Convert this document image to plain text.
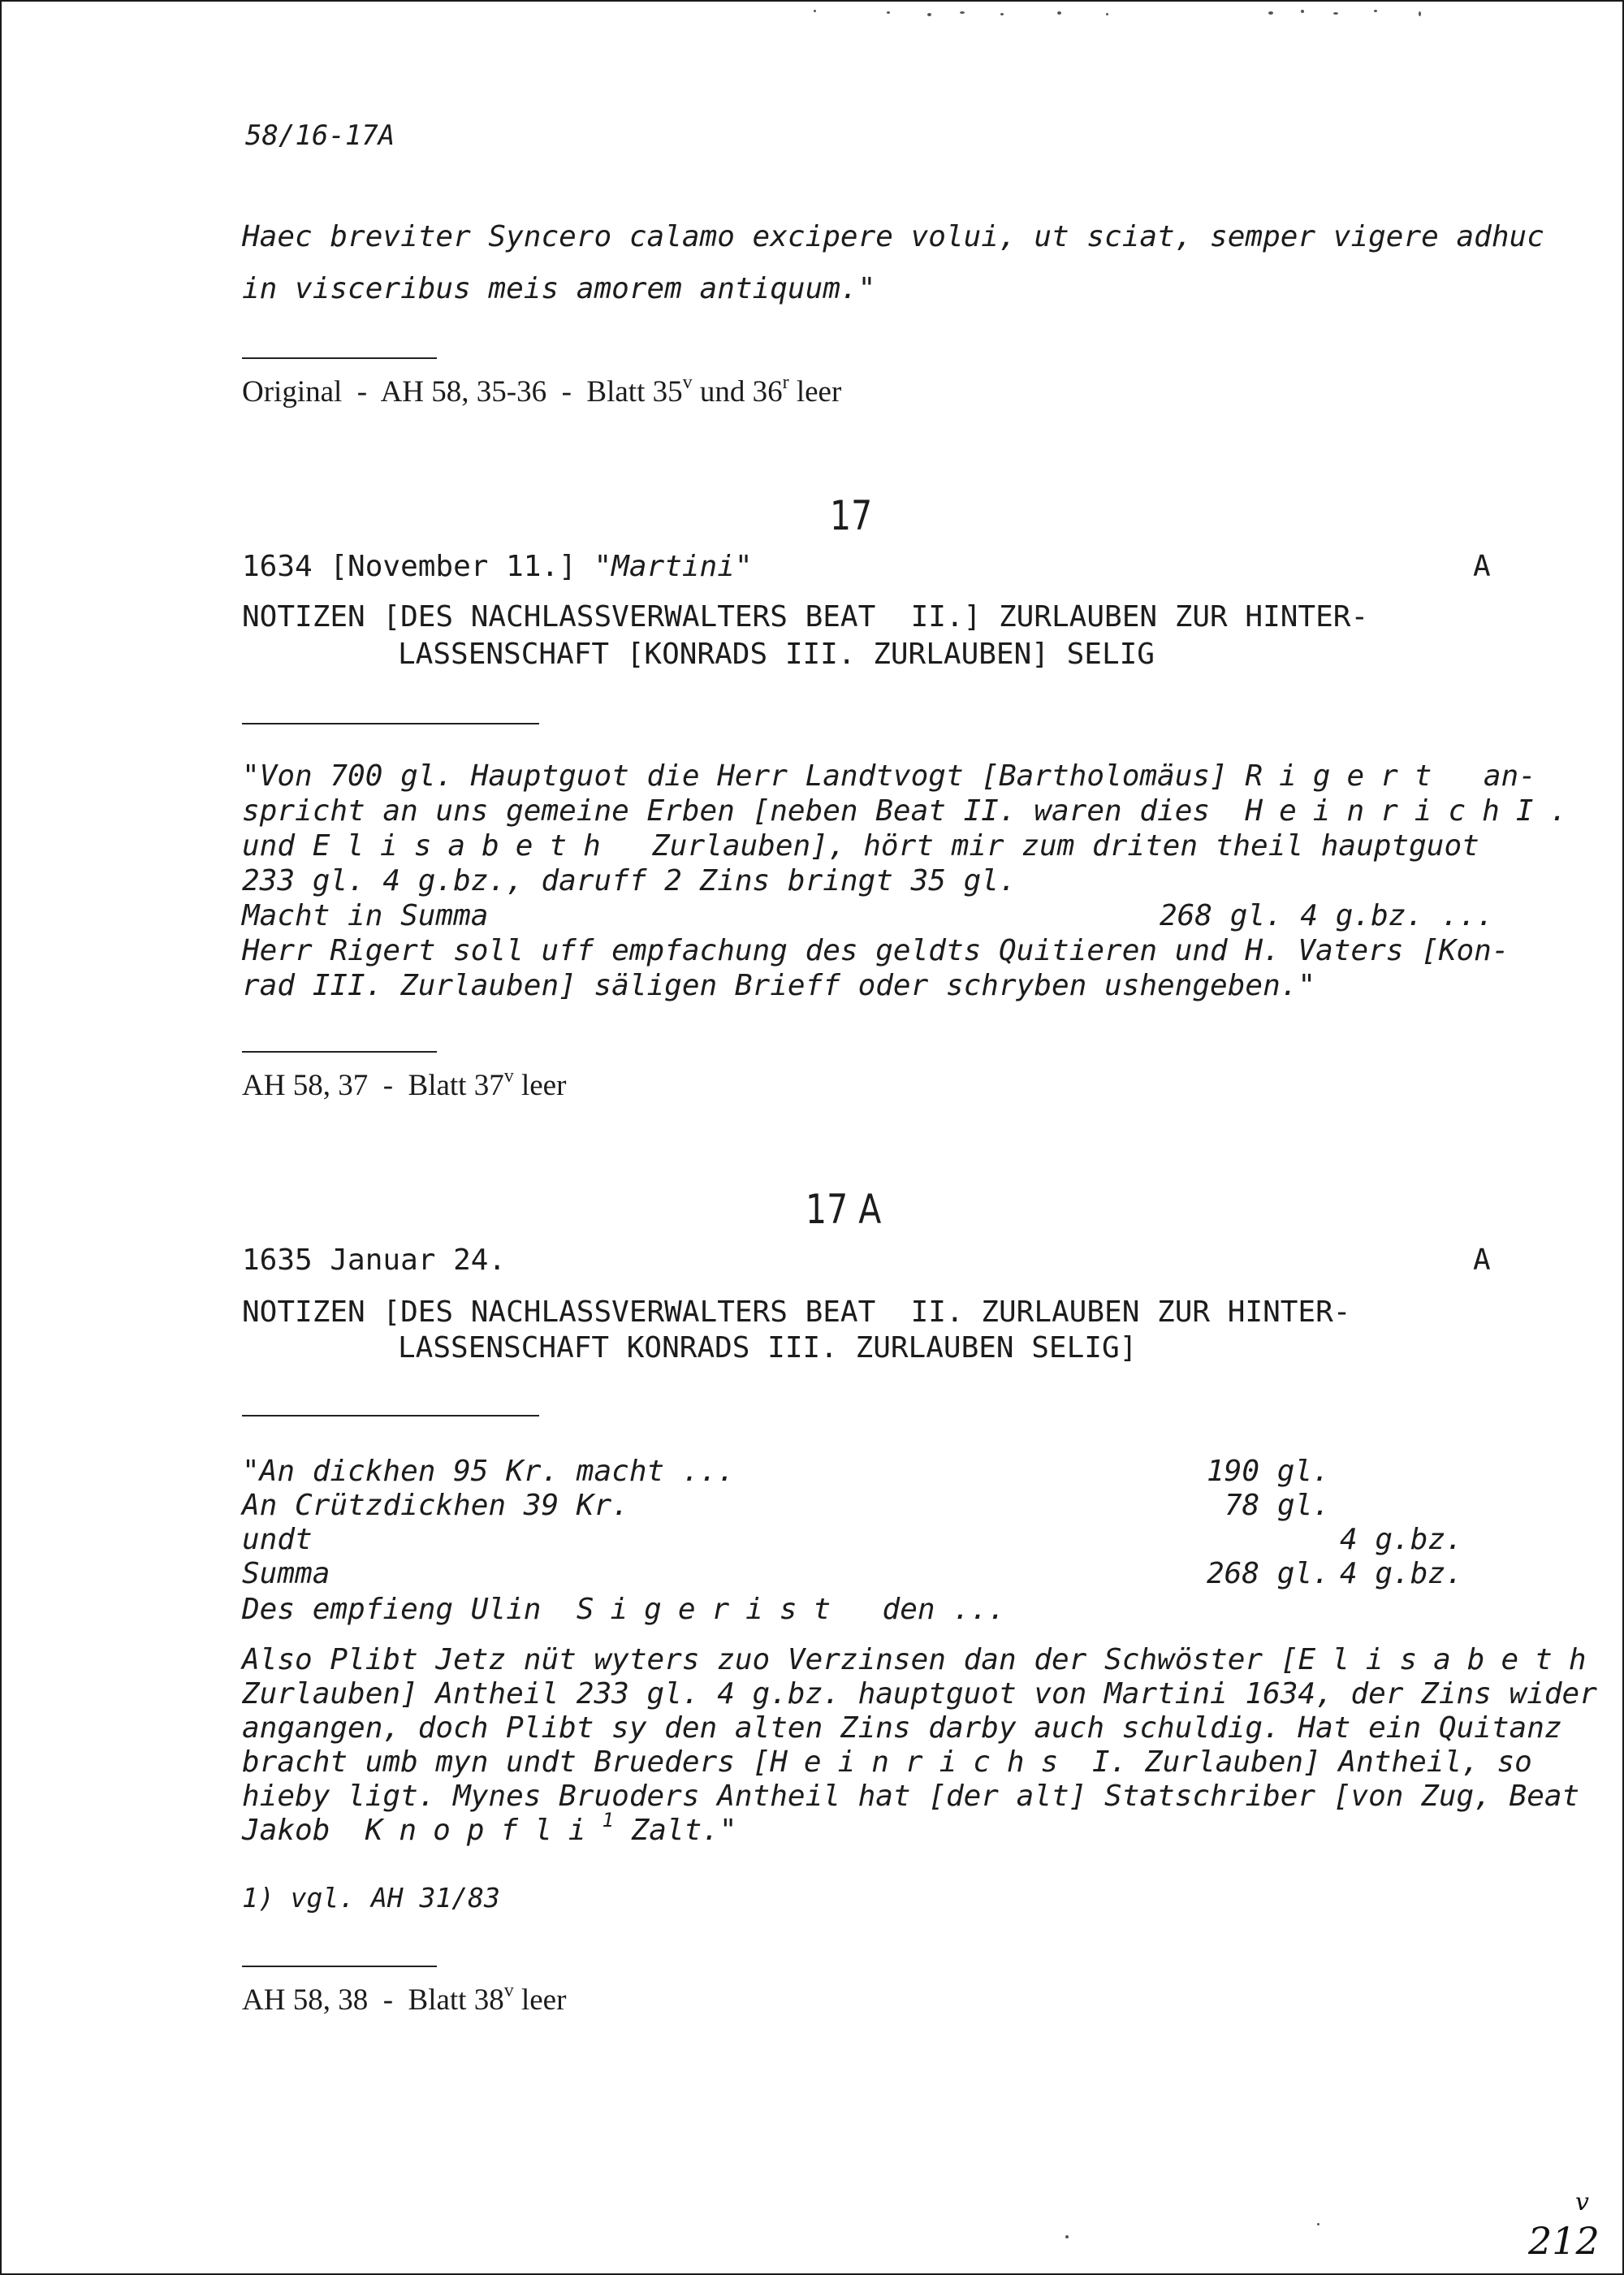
58/16-17A
Haec breviter Syncero calamo excipere volui, ut sciat, semper vigere adhuc
in visceribus meis amorem antiquum."
Original  -  AH 58, 35-36  -  Blatt 35$^v$ und 36$^r$ leer
17
1634 [November 11.] "Martini"	A
NOTIZEN [DES NACHLASSVERWALTERS BEAT  II.] ZURLAUBEN ZUR HINTER-
LASSENSCHAFT [KONRADS III. ZURLAUBEN] SELIG
"Von 700 gl. Hauptguot die Herr Landtvogt [Bartholomäus] Rigert  an-
spricht an uns gemeine Erben [neben Beat II. waren dies  HeinrichI.
und Elisabeth  Zurlauben], hört mir zum driten theil hauptguot
233 gl. 4 g.bz., daruff 2 Zins bringt 35 gl.
Macht in Summa	268 gl. 4 g.bz. ...
Herr Rigert soll uff empfachung des geldts Quitieren und H. Vaters [Kon-
rad III. Zurlauben] säligen Brieff oder schryben ushengeben."
AH 58, 37  -  Blatt 37$^v$ leer
17 A
1635 Januar 24.	A
NOTIZEN [DES NACHLASSVERWALTERS BEAT  II. ZURLAUBEN ZUR HINTER-
LASSENSCHAFT KONRADS III. ZURLAUBEN SELIG]
"An dickhen 95 Kr. macht ...	190 gl.
An Crützdickhen 39 Kr.	78 gl.
undt	4 g.bz.
Summa	268 gl. 4 g.bz.
Des empfieng Ulin  Sigerist  den ...
Also Plibt Jetz nüt wyters zuo Verzinsen dan der Schwöster [Elisabeth
Zurlauben] Antheil 233 gl. 4 g.bz. hauptguot von Martini 1634, der Zins wider
angangen, doch Plibt sy den alten Zins darby auch schuldig. Hat ein Quitanz
bracht umb myn undt Brueders [Heinrichs I. Zurlauben] Antheil, so
hieby ligt. Mynes Bruoders Antheil hat [der alt] Statschriber [von Zug, Beat
Jakob  Knopfli$^1$ Zalt."
1) vgl. AH 31/83
AH 58, 38  -  Blatt 38$^v$ leer
v
212
